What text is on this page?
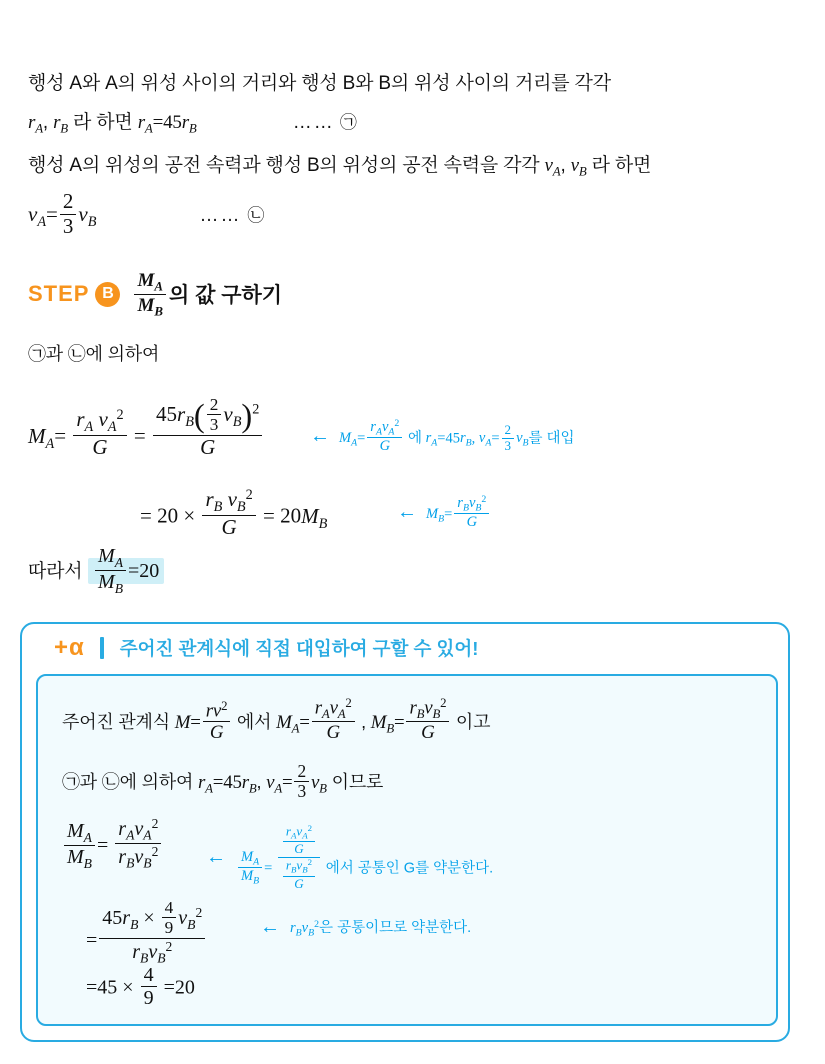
행성 A와 A의 위성 사이의 거리와 행성 B와 B의 위성 사이의 거리를 각각
$r_A$, $r_B$ 라 하면 $r_A=45r_B$	…… ㉠
행성 A의 위성의 공전 속력과 행성 B의 위성의 공전 속력을 각각 $v_A$, $v_B$ 라 하면
$v_A= \frac{2}{3} v_B$	…… ㉡
STEP B	$\frac{M_A}{M_B}$ 의 값 구하기
㉠과 ㉡에 의하여
$M_A= \frac{r_A v_A^2}{G} = \frac{45r_B( \frac{2}{3} v_B)^2}{G}$ ← $M_A= \frac{r_Av_A^2}{G}$ 에 $r_A=45r_B$, $v_A= \frac{2}{3} v_B$를 대입
= $20 \times \frac{r_B v_B^2}{G} = 20M_B$
← $M_B= \frac{r_Bv_B^2}{G}$
따라서 $\frac{M_A}{M_B} =20$
+ α 주어진 관계식에 직접 대입하여 구할 수 있어!
주어진 관계식 $M= \frac{rv^2}{G}$ 에서 $M_A= \frac{r_Av_A^2}{G}$ , $M_B= \frac{r_Bv_B^2}{G}$ 이고
㉠과 ㉡에 의하여 $r_A=45r_B$, $v_A= \frac{2}{3} v_B$ 이므로
$\frac{M_A}{M_B} = \frac{r_Av_A^2}{r_Bv_B^2}$ ← $\frac{M_A}{M_B} = \frac{\frac{r_Av_A^2}{G}}{\frac{r_Bv_B^2}{G}}$ 에서 공통인 G를 약분한다.
= $\frac{45r_B \times \frac{4}{9} v_B^2}{r_Bv_B^2}$	← $r_Bv_B^2$은 공통이므로 약분한다.
$=45 \times \frac{4}{9} =20$
